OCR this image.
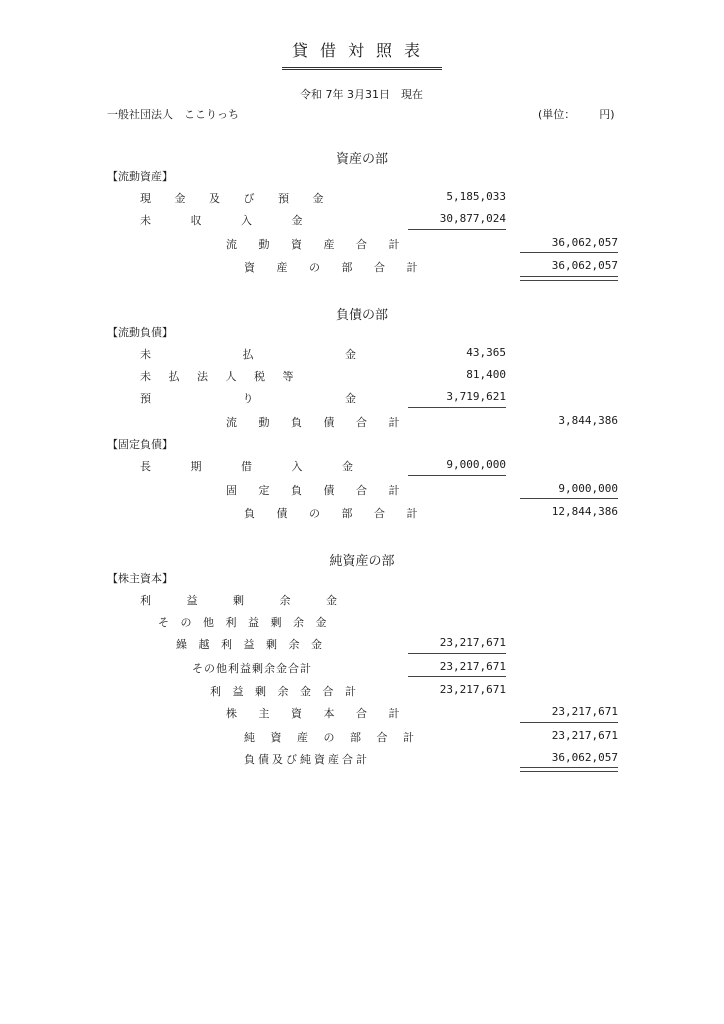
貸借対照表
令和 7年 3月31日　現在
一般社団法人　ここりっち	(単位： 円)
資産の部
【流動資産】
現 金 及 び 預 金	5,185,033
未 収 入 金	30,877,024
流 動 資 産 合 計	36,062,057
資 産 の 部 合 計	36,062,057
負債の部
【流動負債】
未 払 金	43,365
未 払 法 人 税 等	81,400
預 り 金	3,719,621
流 動 負 債 合 計	3,844,386
【固定負債】
長 期 借 入 金	9,000,000
固 定 負 債 合 計	9,000,000
負 債 の 部 合 計	12,844,386
純資産の部
【株主資本】
利 益 剰 余 金
そ の 他 利 益 剰 余 金
繰 越 利 益 剰 余 金	23,217,671
その他利益剰余金合計	23,217,671
利 益 剰 余 金 合 計	23,217,671
株 主 資 本 合 計	23,217,671
純 資 産 の 部 合 計	23,217,671
負債及び純資産合計	36,062,057
